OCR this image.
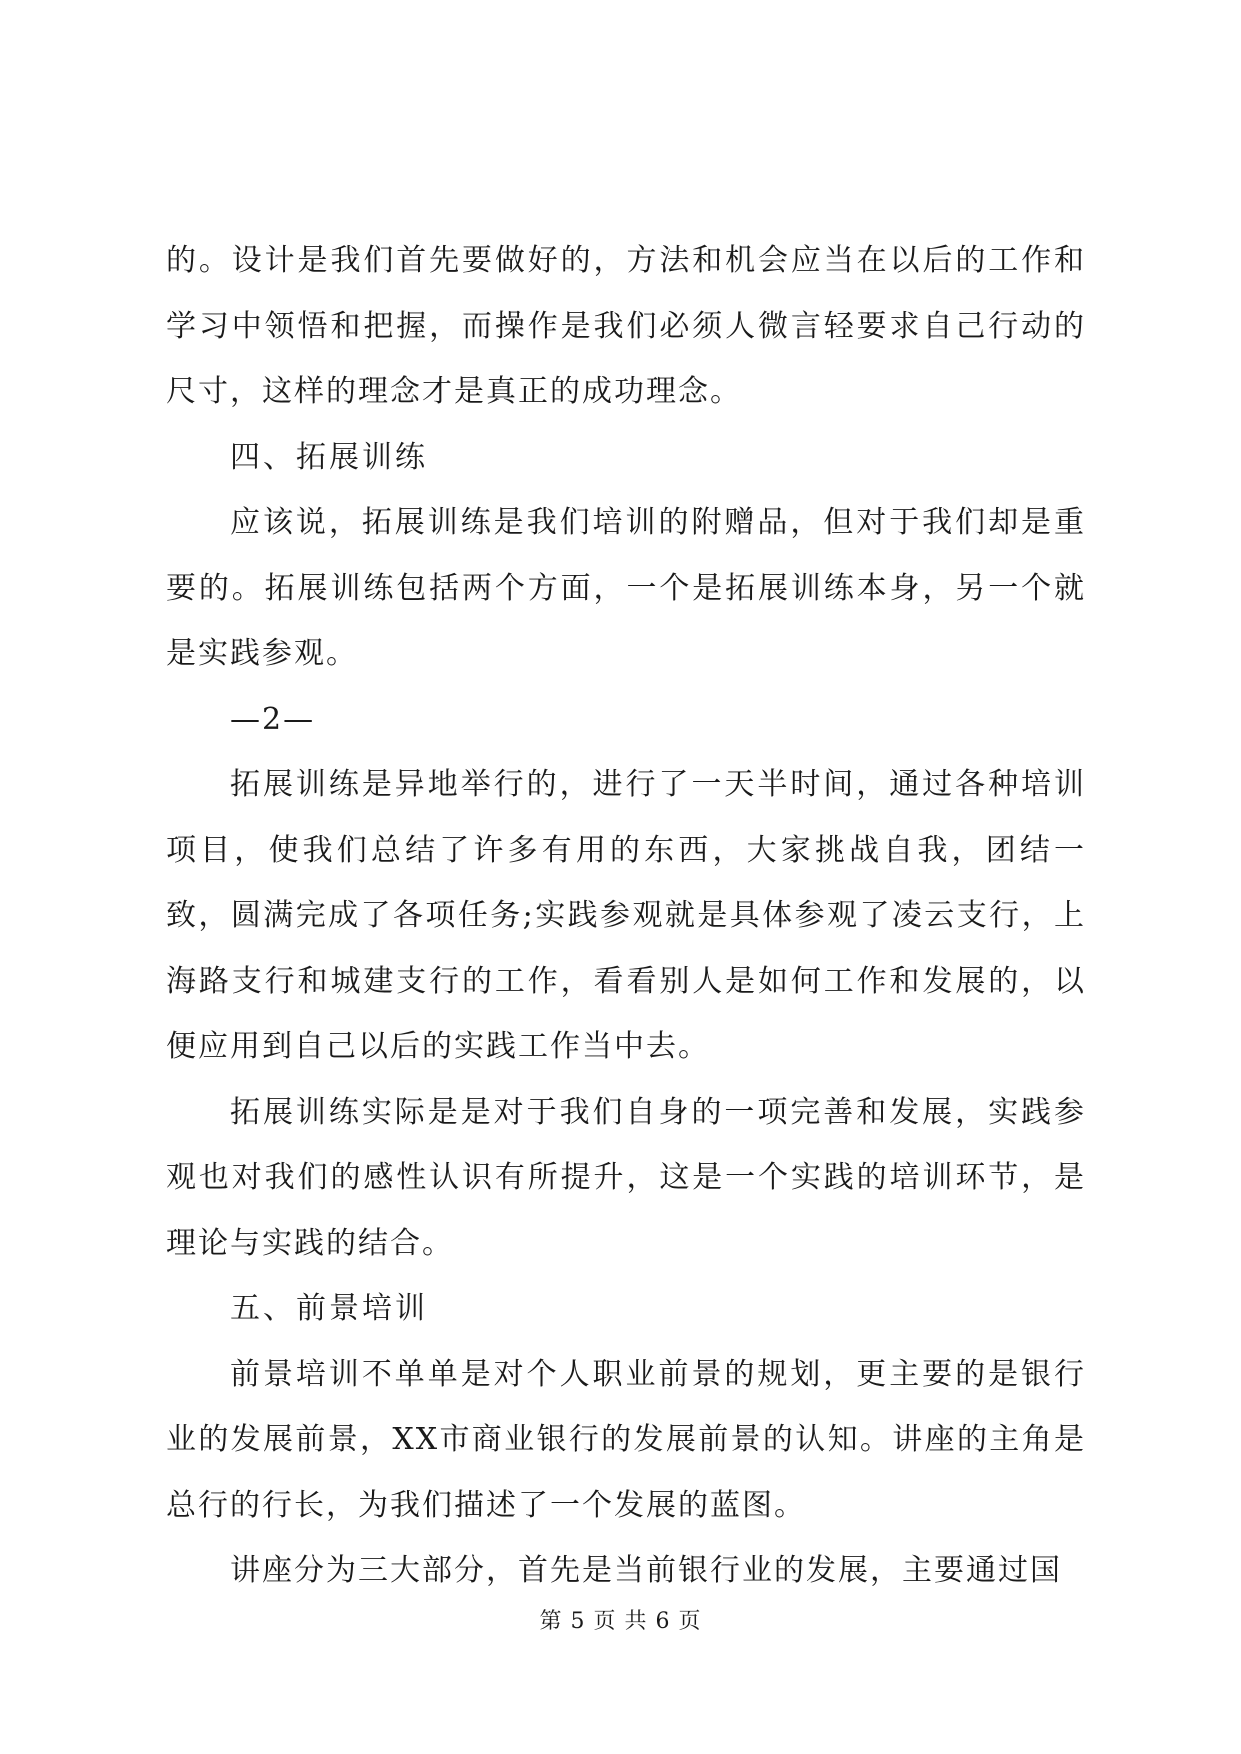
的。设计是我们首先要做好的，方法和机会应当在以后的工作和学习中领悟和把握，而操作是我们必须人微言轻要求自己行动的尺寸，这样的理念才是真正的成功理念。

四、拓展训练

应该说，拓展训练是我们培训的附赠品，但对于我们却是重要的。拓展训练包括两个方面，一个是拓展训练本身，另一个就是实践参观。

—2—

拓展训练是异地举行的，进行了一天半时间，通过各种培训项目，使我们总结了许多有用的东西，大家挑战自我，团结一致，圆满完成了各项任务;实践参观就是具体参观了凌云支行，上海路支行和城建支行的工作，看看别人是如何工作和发展的，以便应用到自己以后的实践工作当中去。

拓展训练实际是是对于我们自身的一项完善和发展，实践参观也对我们的感性认识有所提升，这是一个实践的培训环节，是理论与实践的结合。

五、前景培训

前景培训不单单是对个人职业前景的规划，更主要的是银行业的发展前景，XX市商业银行的发展前景的认知。讲座的主角是总行的行长，为我们描述了一个发展的蓝图。

讲座分为三大部分，首先是当前银行业的发展，主要通过国

第 5 页 共 6 页
